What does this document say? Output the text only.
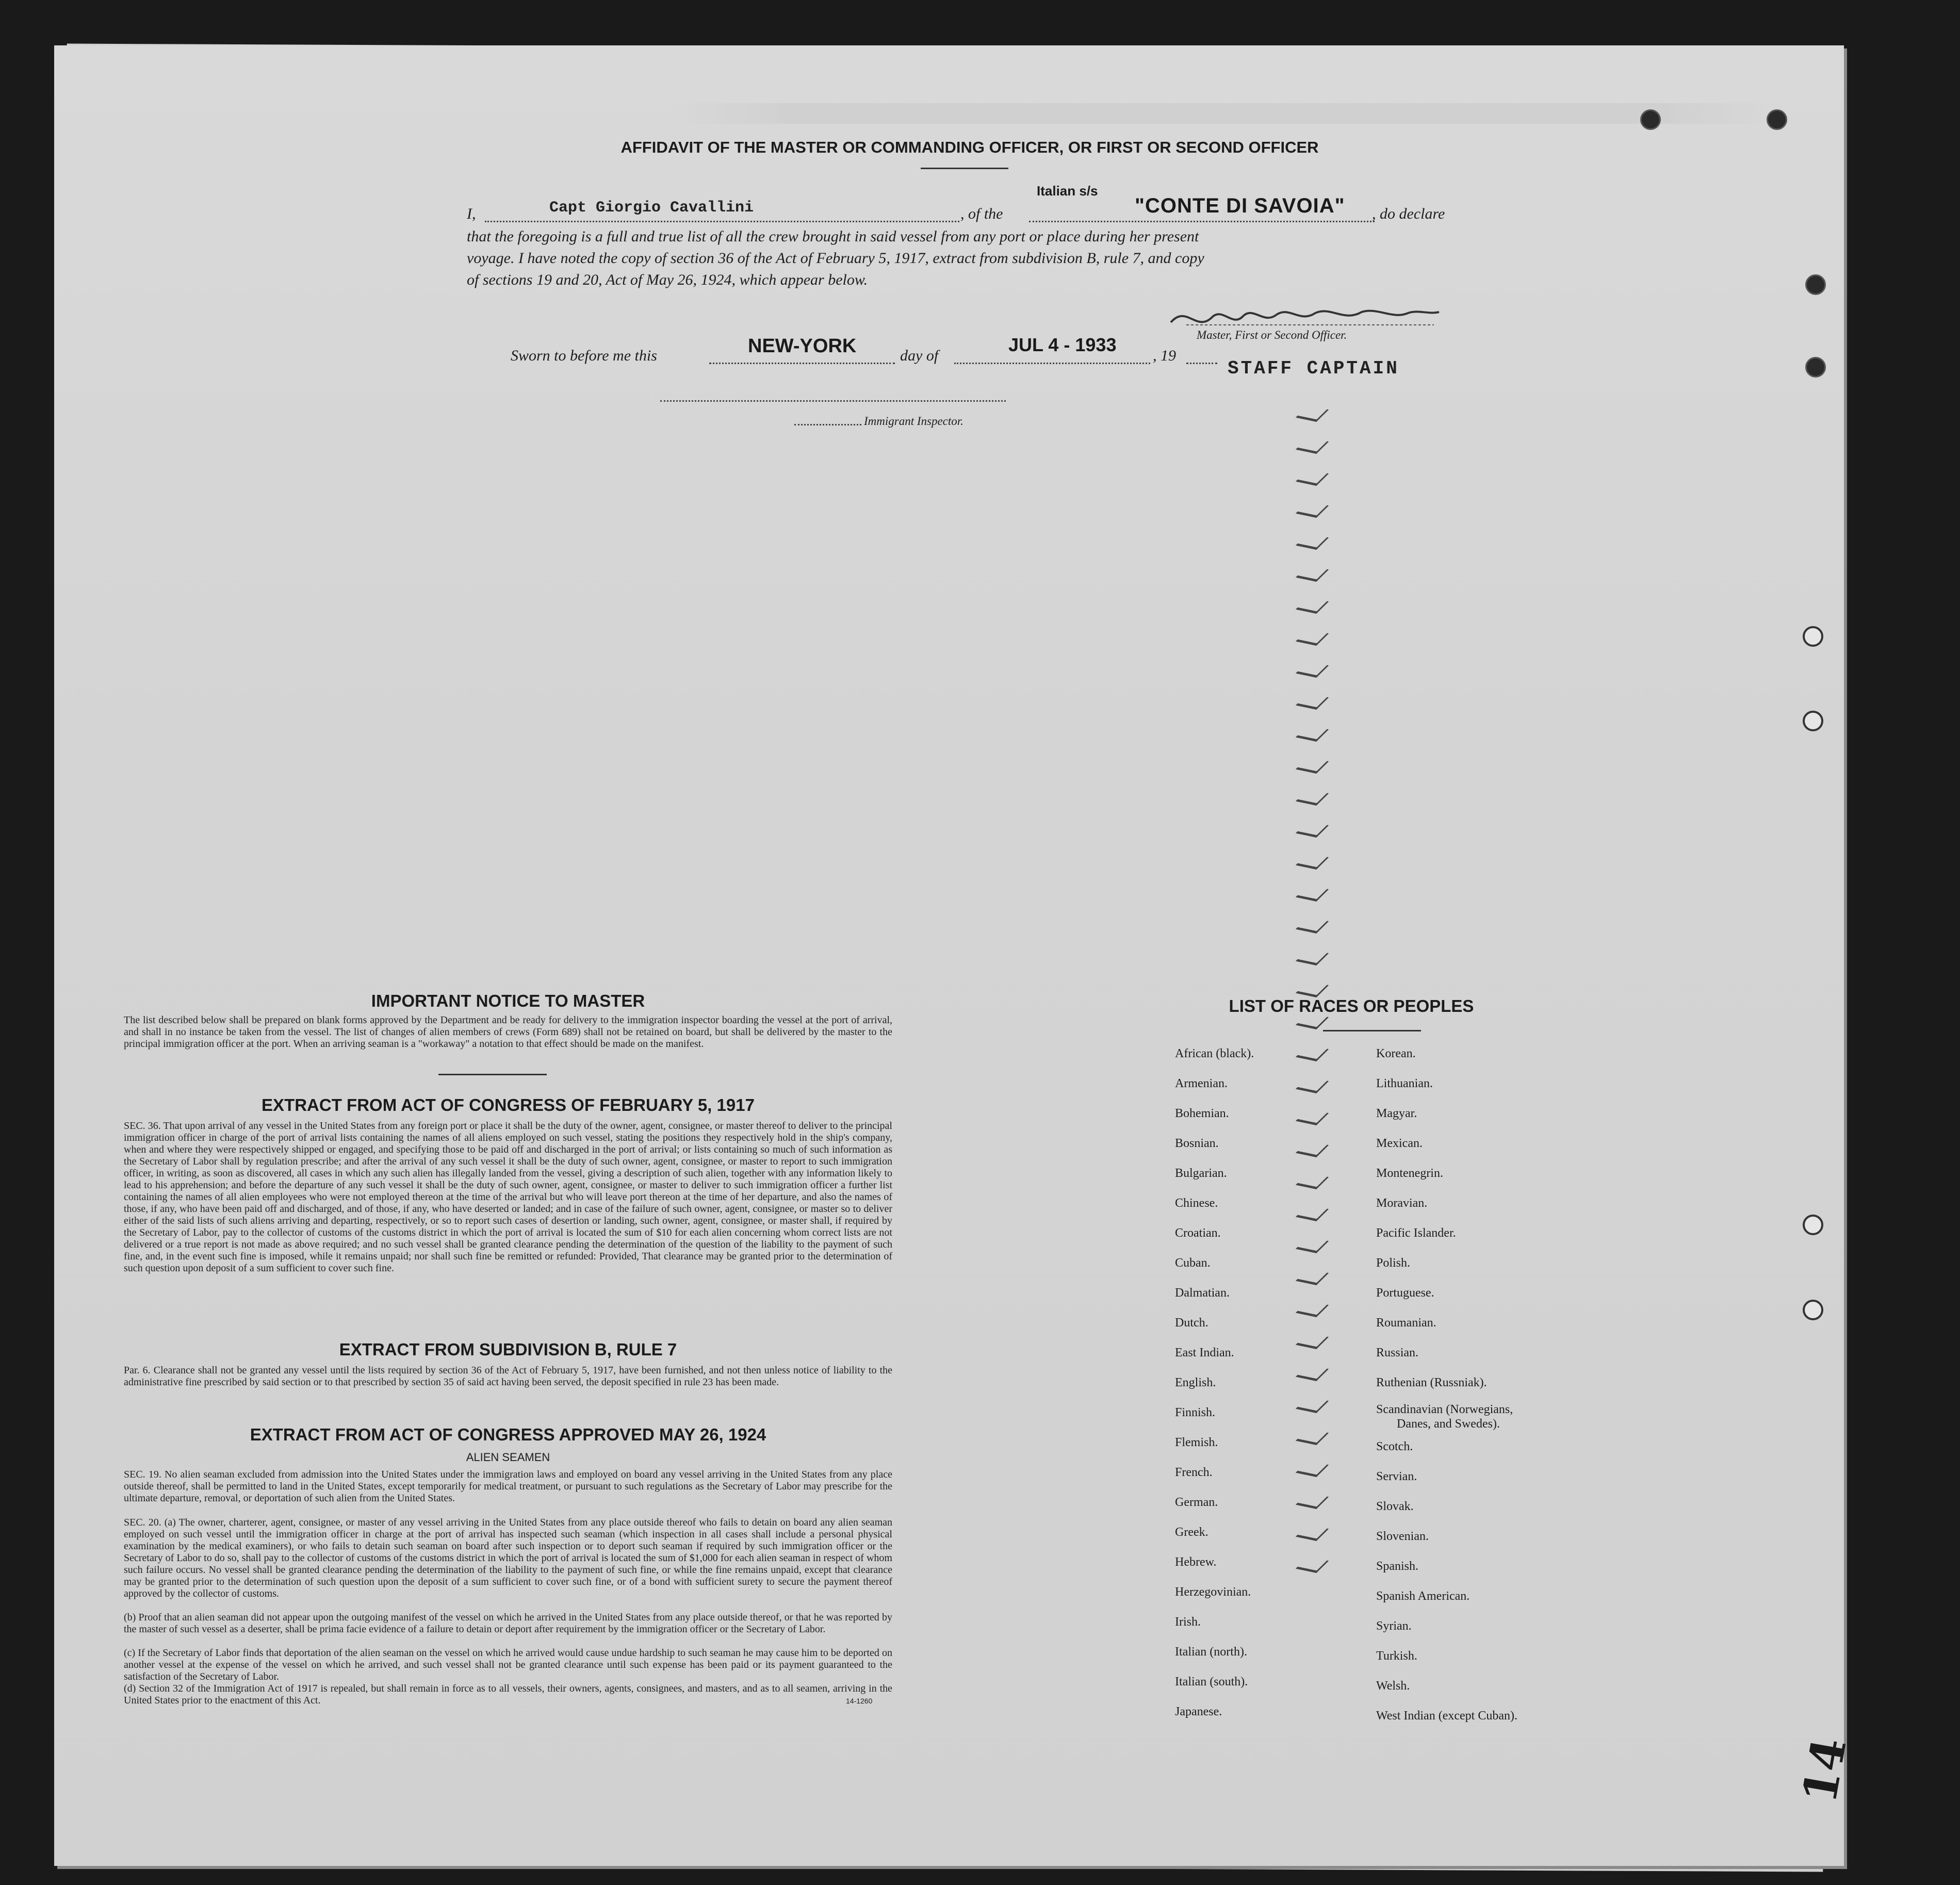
AFFIDAVIT OF THE MASTER OR COMMANDING OFFICER, OR FIRST OR SECOND OFFICER
I,	Capt Giorgio Cavallini	, of the
Italian s/s
"CONTE DI SAVOIA" , do declare
that the foregoing is a full and true list of all the crew brought in said vessel from any port or place during her present
voyage. I have noted the copy of section 36 of the Act of February 5, 1917, extract from subdivision B, rule 7, and copy
of sections 19 and 20, Act of May 26, 1924, which appear below.
Master, First or Second Officer.
Sworn to before me this	NEW-YORK	day of
JUL 4 - 1933
, 19
STAFF CAPTAIN
Immigrant Inspector.
IMPORTANT NOTICE TO MASTER
The list described below shall be prepared on blank forms approved by the Department and be ready for delivery to the immigration inspector boarding the vessel at the port of arrival, and shall in no instance be taken from the vessel. The list of changes of alien members of crews (Form 689) shall not be retained on board, but shall be delivered by the master to the principal immigration officer at the port. When an arriving seaman is a "workaway" a notation to that effect should be made on the manifest.
EXTRACT FROM ACT OF CONGRESS OF FEBRUARY 5, 1917
SEC. 36. That upon arrival of any vessel in the United States from any foreign port or place it shall be the duty of the owner, agent, consignee, or master thereof to deliver to the principal immigration officer in charge of the port of arrival lists containing the names of all aliens employed on such vessel, stating the positions they respectively hold in the ship's company, when and where they were respectively shipped or engaged, and specifying those to be paid off and discharged in the port of arrival; or lists containing so much of such information as the Secretary of Labor shall by regulation prescribe; and after the arrival of any such vessel it shall be the duty of such owner, agent, consignee, or master to report to such immigration officer, in writing, as soon as discovered, all cases in which any such alien has illegally landed from the vessel, giving a description of such alien, together with any information likely to lead to his apprehension; and before the departure of any such vessel it shall be the duty of such owner, agent, consignee, or master to deliver to such immigration officer a further list containing the names of all alien employees who were not employed thereon at the time of the arrival but who will leave port thereon at the time of her departure, and also the names of those, if any, who have been paid off and discharged, and of those, if any, who have deserted or landed; and in case of the failure of such owner, agent, consignee, or master so to deliver either of the said lists of such aliens arriving and departing, respectively, or so to report such cases of desertion or landing, such owner, agent, consignee, or master shall, if required by the Secretary of Labor, pay to the collector of customs of the customs district in which the port of arrival is located the sum of $10 for each alien concerning whom correct lists are not delivered or a true report is not made as above required; and no such vessel shall be granted clearance pending the determination of the question of the liability to the payment of such fine, and, in the event such fine is imposed, while it remains unpaid; nor shall such fine be remitted or refunded: Provided, That clearance may be granted prior to the determination of such question upon deposit of a sum sufficient to cover such fine.
EXTRACT FROM SUBDIVISION B, RULE 7
Par. 6. Clearance shall not be granted any vessel until the lists required by section 36 of the Act of February 5, 1917, have been furnished, and not then unless notice of liability to the administrative fine prescribed by said section or to that prescribed by section 35 of said act having been served, the deposit specified in rule 23 has been made.
EXTRACT FROM ACT OF CONGRESS APPROVED MAY 26, 1924
ALIEN SEAMEN
SEC. 19. No alien seaman excluded from admission into the United States under the immigration laws and employed on board any vessel arriving in the United States from any place outside thereof, shall be permitted to land in the United States, except temporarily for medical treatment, or pursuant to such regulations as the Secretary of Labor may prescribe for the ultimate departure, removal, or deportation of such alien from the United States.
SEC. 20. (a) The owner, charterer, agent, consignee, or master of any vessel arriving in the United States from any place outside thereof who fails to detain on board any alien seaman employed on such vessel until the immigration officer in charge at the port of arrival has inspected such seaman (which inspection in all cases shall include a personal physical examination by the medical examiners), or who fails to detain such seaman on board after such inspection or to deport such seaman if required by such immigration officer or the Secretary of Labor to do so, shall pay to the collector of customs of the customs district in which the port of arrival is located the sum of $1,000 for each alien seaman in respect of whom such failure occurs. No vessel shall be granted clearance pending the determination of the liability to the payment of such fine, or while the fine remains unpaid, except that clearance may be granted prior to the determination of such question upon the deposit of a sum sufficient to cover such fine, or of a bond with sufficient surety to secure the payment thereof approved by the collector of customs.
(b) Proof that an alien seaman did not appear upon the outgoing manifest of the vessel on which he arrived in the United States from any place outside thereof, or that he was reported by the master of such vessel as a deserter, shall be prima facie evidence of a failure to detain or deport after requirement by the immigration officer or the Secretary of Labor.
(c) If the Secretary of Labor finds that deportation of the alien seaman on the vessel on which he arrived would cause undue hardship to such seaman he may cause him to be deported on another vessel at the expense of the vessel on which he arrived, and such vessel shall not be granted clearance until such expense has been paid or its payment guaranteed to the satisfaction of the Secretary of Labor.
(d) Section 32 of the Immigration Act of 1917 is repealed, but shall remain in force as to all vessels, their owners, agents, consignees, and masters, and as to all seamen, arriving in the United States prior to the enactment of this Act.	14-1260
LIST OF RACES OR PEOPLES
African (black).
Armenian.
Bohemian.
Bosnian.
Bulgarian.
Chinese.
Croatian.
Cuban.
Dalmatian.
Dutch.
East Indian.
English.
Finnish.
Flemish.
French.
German.
Greek.
Hebrew.
Herzegovinian.
Irish.
Italian (north).
Italian (south).
Japanese.
Korean.
Lithuanian.
Magyar.
Mexican.
Montenegrin.
Moravian.
Pacific Islander.
Polish.
Portuguese.
Roumanian.
Russian.
Ruthenian (Russniak).
Scandinavian (Norwegians,
Danes, and Swedes).
Scotch.
Servian.
Slovak.
Slovenian.
Spanish.
Spanish American.
Syrian.
Turkish.
Welsh.
West Indian (except Cuban).
14
